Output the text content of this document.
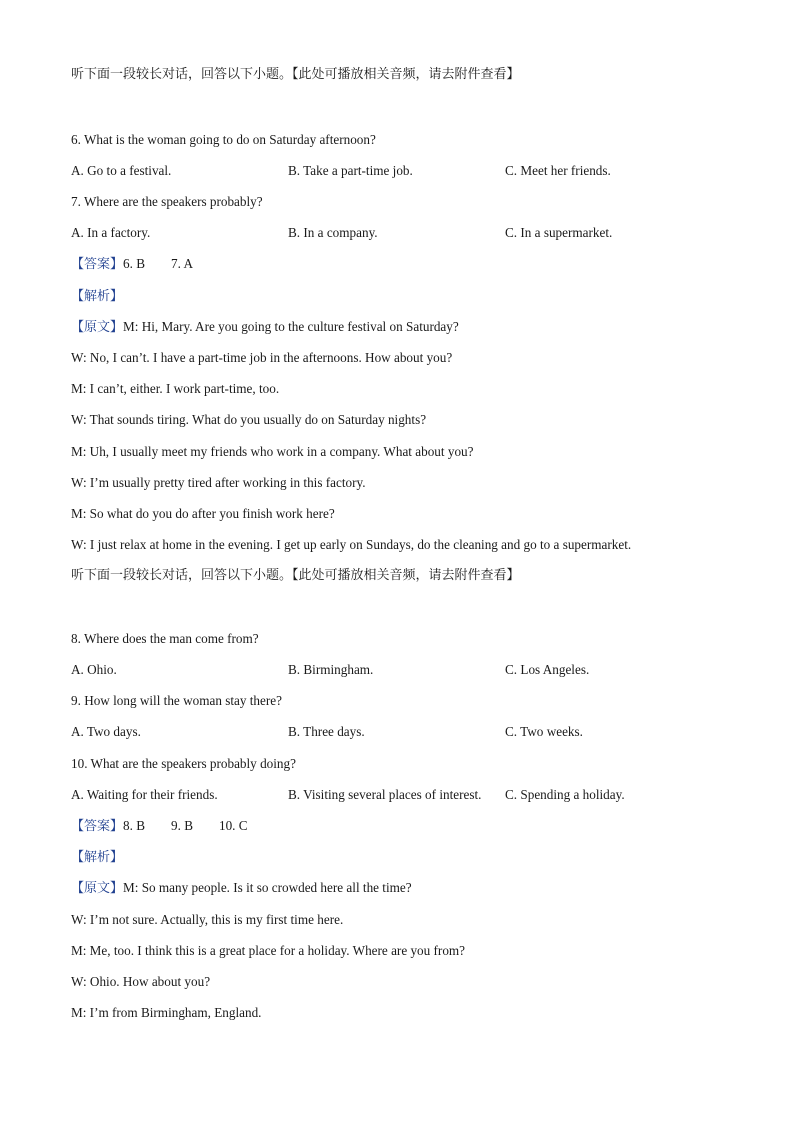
听下面一段较长对话，回答以下小题。【此处可播放相关音频，请去附件查看】
6. What is the woman going to do on Saturday afternoon?
A. Go to a festival.	B. Take a part-time job.	C. Meet her friends.
7. Where are the speakers probably?
A. In a factory.	B. In a company.	C. In a supermarket.
【答案】6. B 7. A
【解析】
【原文】M: Hi, Mary. Are you going to the culture festival on Saturday?
W: No, I can’t. I have a part-time job in the afternoons. How about you?
M: I can’t, either. I work part-time, too.
W: That sounds tiring. What do you usually do on Saturday nights?
M: Uh, I usually meet my friends who work in a company. What about you?
W: I’m usually pretty tired after working in this factory.
M: So what do you do after you finish work here?
W: I just relax at home in the evening. I get up early on Sundays, do the cleaning and go to a supermarket.
听下面一段较长对话，回答以下小题。【此处可播放相关音频，请去附件查看】
8. Where does the man come from?
A. Ohio.	B. Birmingham.	C. Los Angeles.
9. How long will the woman stay there?
A. Two days.	B. Three days.	C. Two weeks.
10. What are the speakers probably doing?
A. Waiting for their friends.	B. Visiting several places of interest. C. Spending a holiday.
【答案】8. B 9. B 10. C
【解析】
【原文】M: So many people. Is it so crowded here all the time?
W: I’m not sure. Actually, this is my first time here.
M: Me, too. I think this is a great place for a holiday. Where are you from?
W: Ohio. How about you?
M: I’m from Birmingham, England.
